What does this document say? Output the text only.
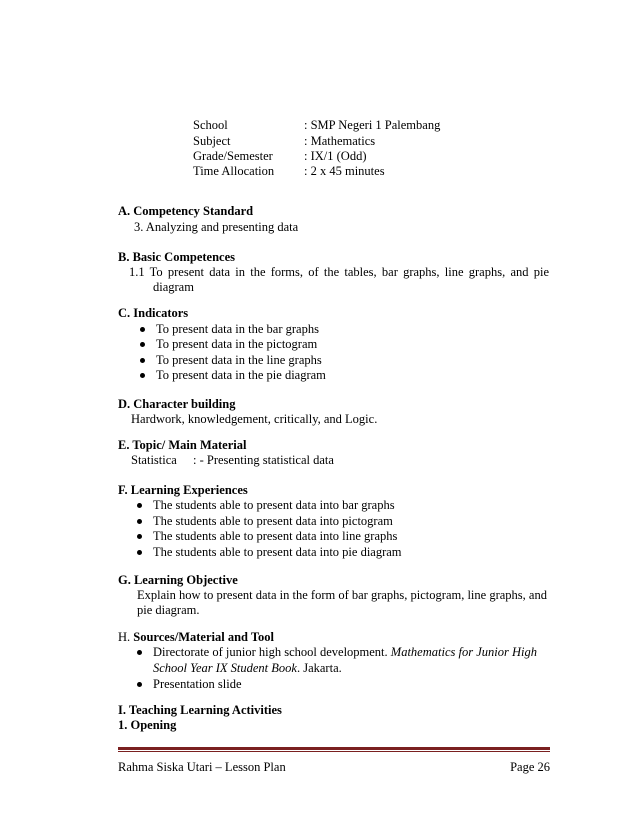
School	: SMP Negeri 1 Palembang
Subject	: Mathematics
Grade/Semester : IX/1 (Odd)
Time Allocation : 2 x 45 minutes
A. Competency Standard
3. Analyzing and presenting data
B. Basic Competences
1.1 To present data in the forms, of the tables, bar graphs, line graphs, and pie
diagram
C. Indicators
To present data in the bar graphs
To present data in the pictogram
To present data in the line graphs
To present data in the pie diagram
D. Character building
Hardwork, knowledgement, critically, and Logic.
E. Topic/ Main Material
Statistica : - Presenting statistical data
F. Learning Experiences
The students able to present data into bar graphs
The students able to present data into pictogram
The students able to present data into line graphs
The students able to present data into pie diagram
G. Learning Objective
Explain how to present data in the form of bar graphs, pictogram, line graphs, and
pie diagram.
H. Sources/Material and Tool
Directorate of junior high school development. Mathematics for Junior High
School Year IX Student Book. Jakarta.
Presentation slide
I. Teaching Learning Activities
1. Opening
Rahma Siska Utari – Lesson Plan	Page 26
